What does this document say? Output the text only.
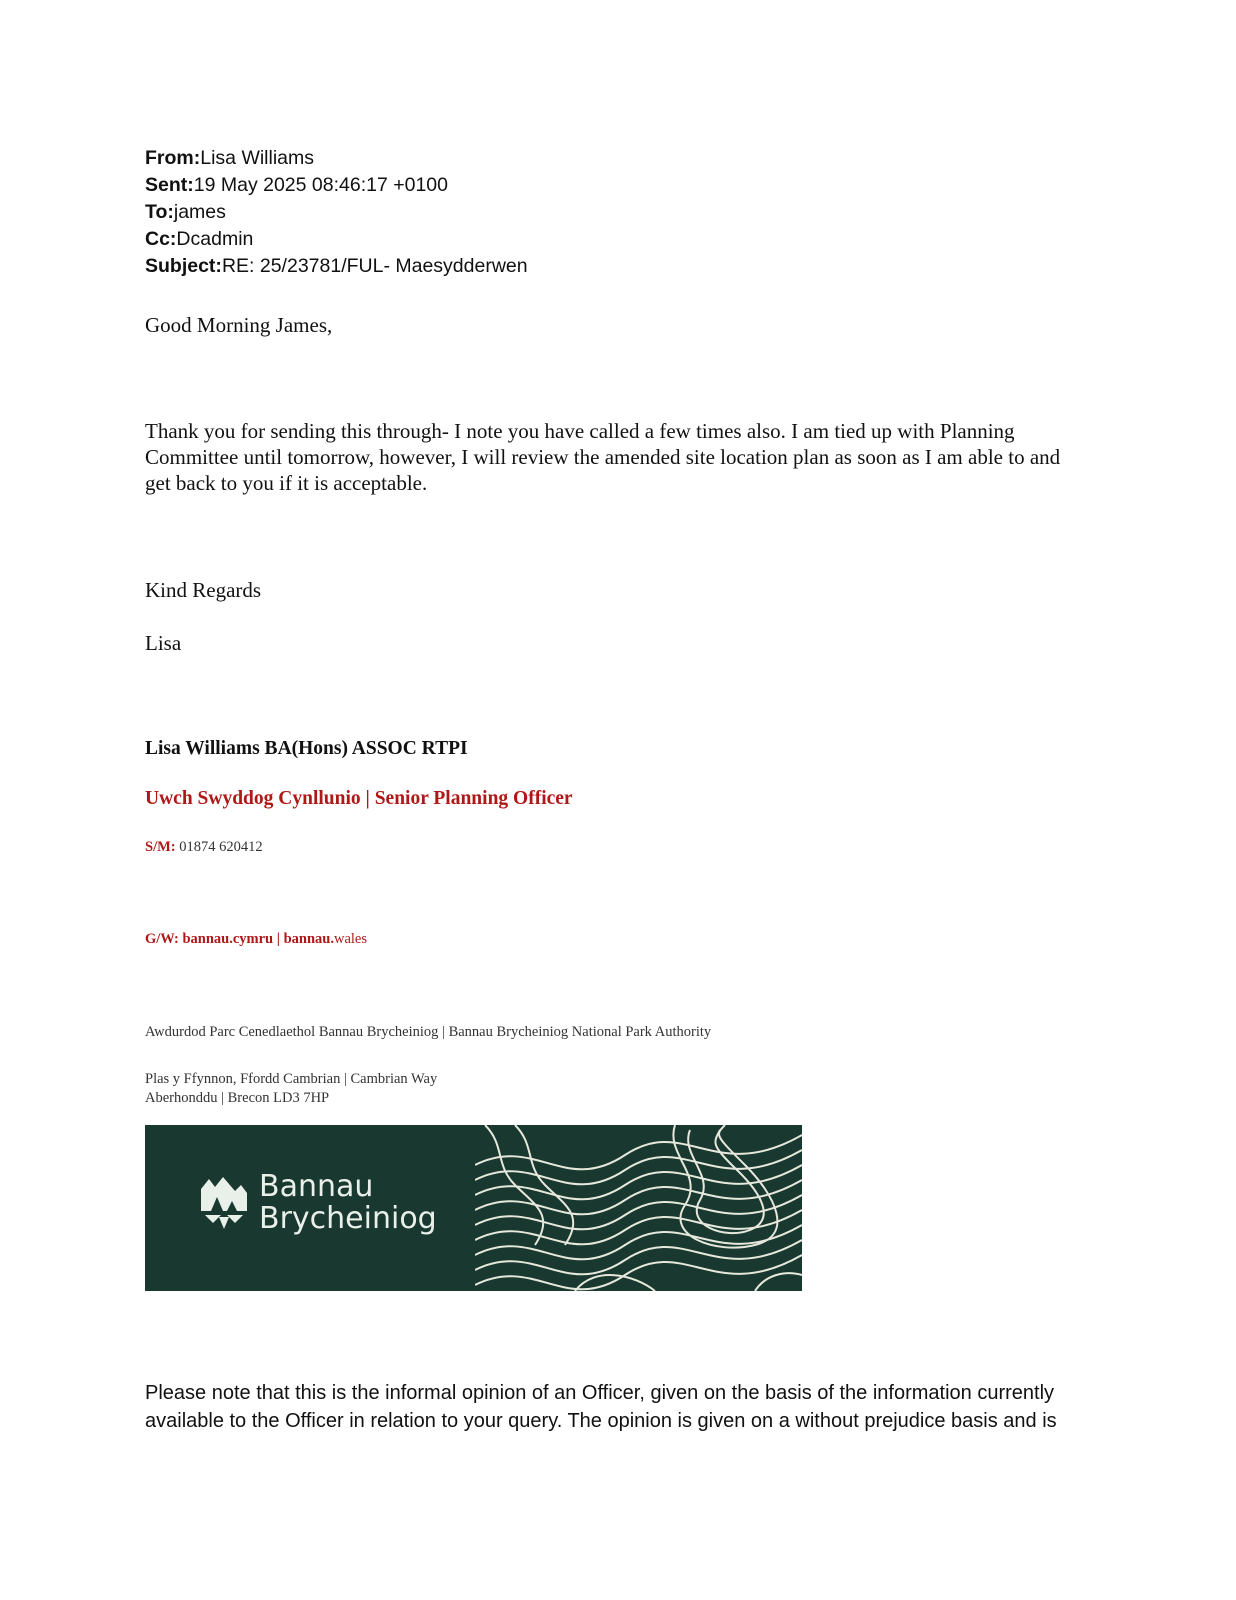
From:Lisa Williams
Sent:19 May 2025 08:46:17 +0100
To:james
Cc:Dcadmin
Subject:RE: 25/23781/FUL- Maesydderwen
Good Morning James,
Thank you for sending this through- I note you have called a few times also. I am tied up with Planning Committee until tomorrow, however, I will review the amended site location plan as soon as I am able to and get back to you if it is acceptable.
Kind Regards
Lisa
Lisa Williams BA(Hons) ASSOC RTPI
Uwch Swyddog Cynllunio | Senior Planning Officer
S/M: 01874 620412
G/W: bannau.cymru | bannau.wales
Awdurdod Parc Cenedlaethol Bannau Brycheiniog | Bannau Brycheiniog National Park Authority
Plas y Ffynnon, Ffordd Cambrian | Cambrian Way
Aberhonddu | Brecon LD3 7HP
Bannau
Brycheiniog
Please note that this is the informal opinion of an Officer, given on the basis of the information currently available to the Officer in relation to your query. The opinion is given on a without prejudice basis and is
